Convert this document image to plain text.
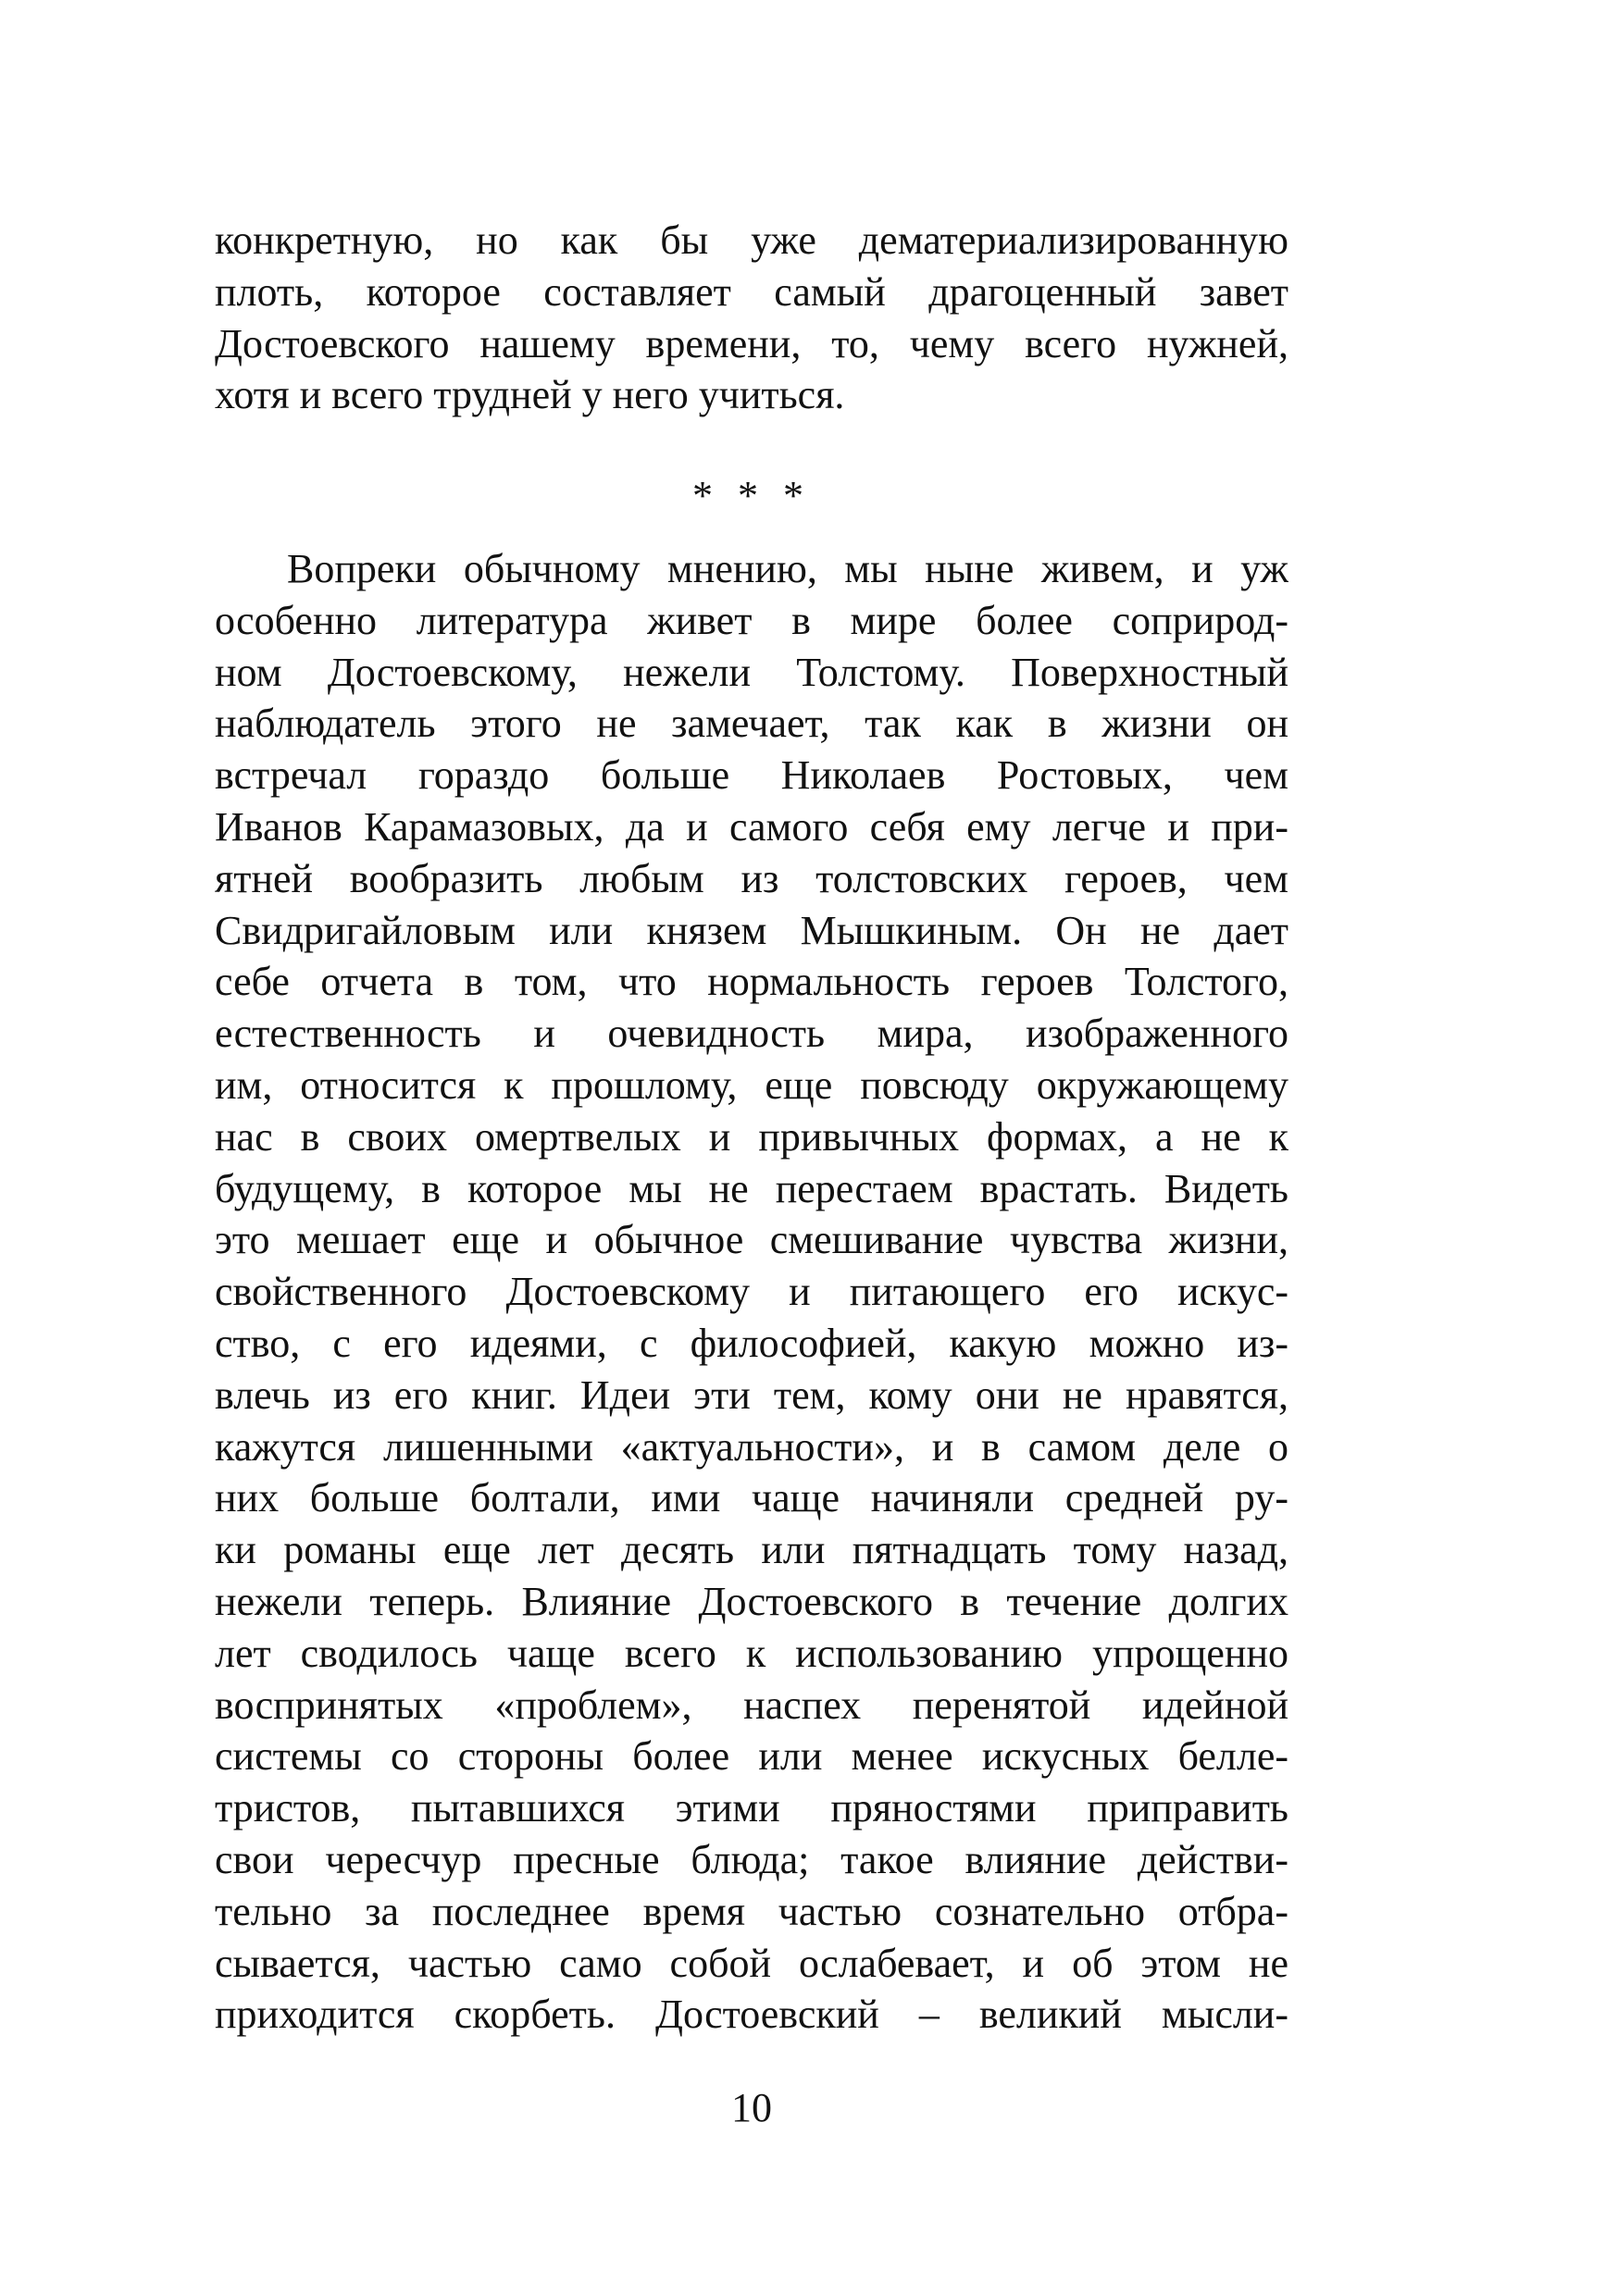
конкретную, но как бы уже дематериализированную
плоть, которое составляет самый драгоценный завет
Достоевского нашему времени, то, чему всего нужней,
хотя и всего трудней у него учиться.
* * *
Вопреки обычному мнению, мы ныне живем, и уж
особенно литература живет в мире более соприрод-
ном Достоевскому, нежели Толстому. Поверхностный
наблюдатель этого не замечает, так как в жизни он
встречал гораздо больше Николаев Ростовых, чем
Иванов Карамазовых, да и самого себя ему легче и при-
ятней вообразить любым из толстовских героев, чем
Свидригайловым или князем Мышкиным. Он не дает
себе отчета в том, что нормальность героев Толстого,
естественность и очевидность мира, изображенного
им, относится к прошлому, еще повсюду окружающему
нас в своих омертвелых и привычных формах, а не к
будущему, в которое мы не перестаем врастать. Видеть
это мешает еще и обычное смешивание чувства жизни,
свойственного Достоевскому и питающего его искус-
ство, с его идеями, с философией, какую можно из-
влечь из его книг. Идеи эти тем, кому они не нравятся,
кажутся лишенными «актуальности», и в самом деле о
них больше болтали, ими чаще начиняли средней ру-
ки романы еще лет десять или пятнадцать тому назад,
нежели теперь. Влияние Достоевского в течение долгих
лет сводилось чаще всего к использованию упрощенно
воспринятых «проблем», наспех перенятой идейной
системы со стороны более или менее искусных белле-
тристов, пытавшихся этими пряностями приправить
свои чересчур пресные блюда; такое влияние действи-
тельно за последнее время частью сознательно отбра-
сывается, частью само собой ослабевает, и об этом не
приходится скорбеть. Достоевский – великий мысли-
10
